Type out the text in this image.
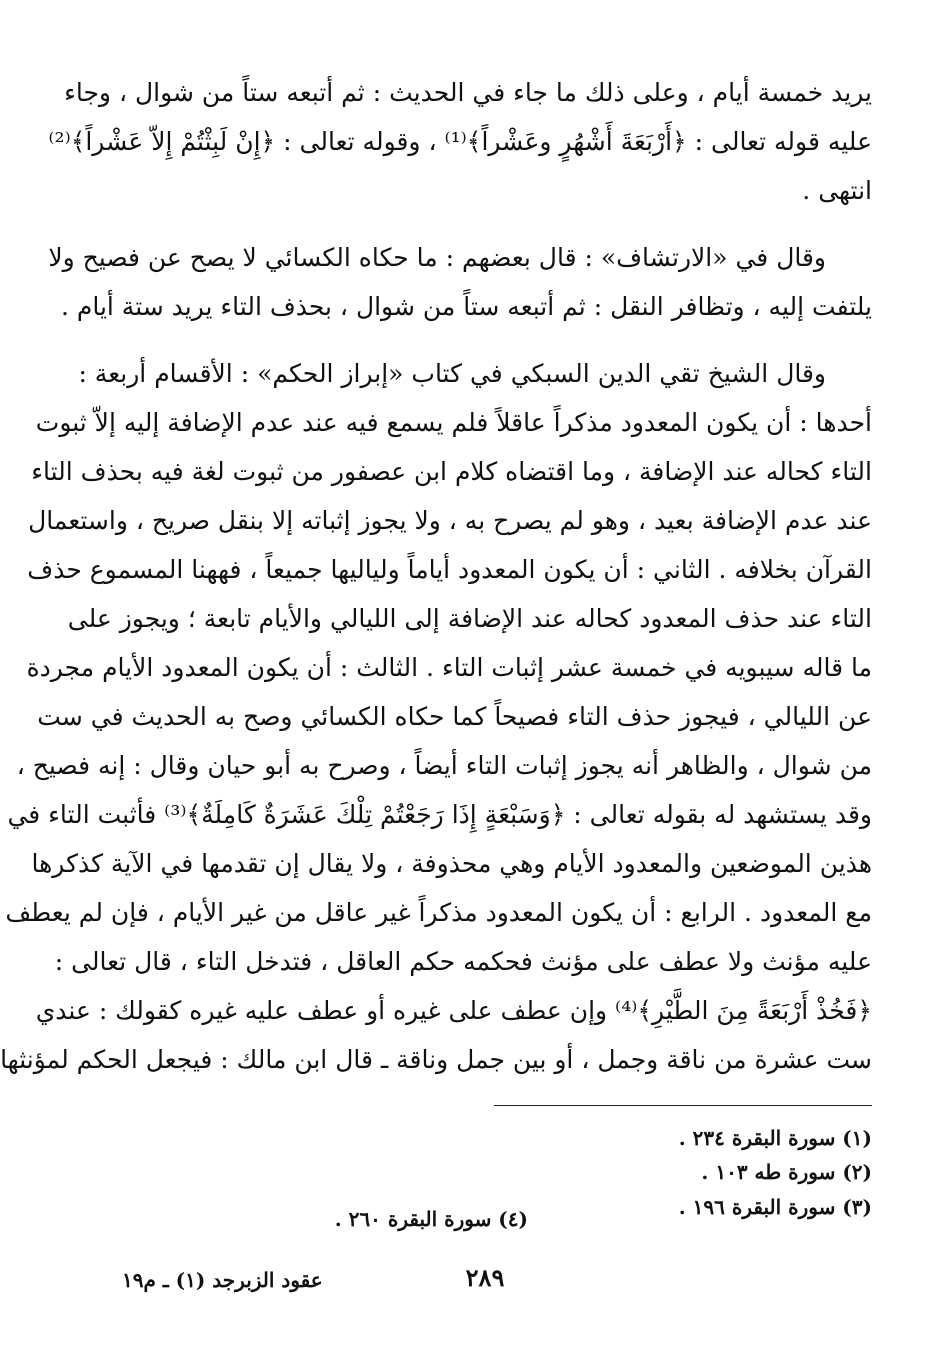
يريد خمسة أيام ، وعلى ذلك ما جاء في الحديث : ثم أتبعه ستاً من شوال ، وجاء
عليه قوله تعالى : ﴿أَرْبَعَةَ أَشْهُرٍ وعَشْراً﴾⁽¹⁾ ، وقوله تعالى : ﴿إِنْ لَبِثْتُمْ إِلاّ عَشْراً﴾⁽²⁾
انتهى .
وقال في «الارتشاف» : قال بعضهم : ما حكاه الكسائي لا يصح عن فصيح ولا
يلتفت إليه ، وتظافر النقل : ثم أتبعه ستاً من شوال ، بحذف التاء يريد ستة أيام .
وقال الشيخ تقي الدين السبكي في كتاب «إبراز الحكم» : الأقسام أربعة :
أحدها : أن يكون المعدود مذكراً عاقلاً فلم يسمع فيه عند عدم الإضافة إليه إلاّ ثبوت
التاء كحاله عند الإضافة ، وما اقتضاه كلام ابن عصفور من ثبوت لغة فيه بحذف التاء
عند عدم الإضافة بعيد ، وهو لم يصرح به ، ولا يجوز إثباته إلا بنقل صريح ، واستعمال
القرآن بخلافه . الثاني : أن يكون المعدود أياماً ولياليها جميعاً ، فههنا المسموع حذف
التاء عند حذف المعدود كحاله عند الإضافة إلى الليالي والأيام تابعة ؛ ويجوز على
ما قاله سيبويه في خمسة عشر إثبات التاء . الثالث : أن يكون المعدود الأيام مجردة
عن الليالي ، فيجوز حذف التاء فصيحاً كما حكاه الكسائي وصح به الحديث في ست
من شوال ، والظاهر أنه يجوز إثبات التاء أيضاً ، وصرح به أبو حيان وقال : إنه فصيح ،
وقد يستشهد له بقوله تعالى : ﴿وَسَبْعَةٍ إِذَا رَجَعْتُمْ تِلْكَ عَشَرَةٌ كَامِلَةٌ﴾⁽³⁾ فأثبت التاء في
هذين الموضعين والمعدود الأيام وهي محذوفة ، ولا يقال إن تقدمها في الآية كذكرها
مع المعدود . الرابع : أن يكون المعدود مذكراً غير عاقل من غير الأيام ، فإن لم يعطف
عليه مؤنث ولا عطف على مؤنث فحكمه حكم العاقل ، فتدخل التاء ، قال تعالى :
﴿فَخُذْ أَرْبَعَةً مِنَ الطَّيْرِ﴾⁽⁴⁾ وإن عطف على غيره أو عطف عليه غيره كقولك : عندي
ست عشرة من ناقة وجمل ، أو بين جمل وناقة ـ قال ابن مالك : فيجعل الحكم لمؤنثها
(١) سورة البقرة ٢٣٤ .
(٢) سورة طه ١٠٣ .
(٣) سورة البقرة ١٩٦ .
(٤) سورة البقرة ٢٦٠ .
٢٨٩
عقود الزبرجد (١) ـ م١٩
